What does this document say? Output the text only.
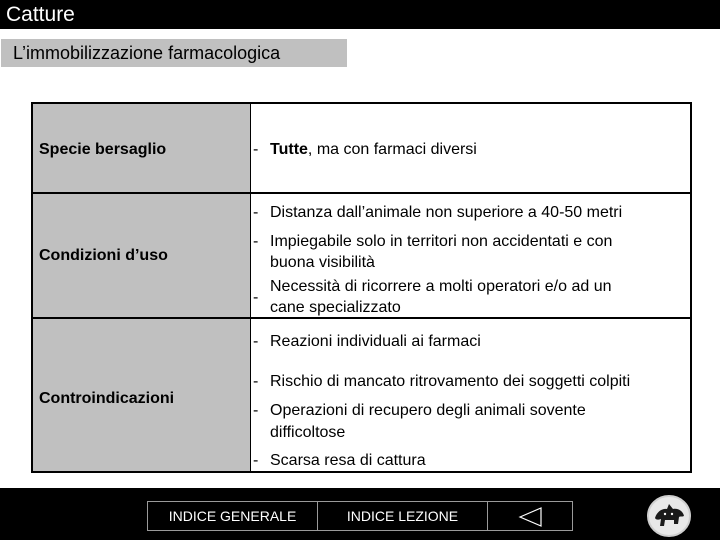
Catture
L’immobilizzazione farmacologica
Specie bersaglio	- Tutte, ma con farmaci diversi
Condizioni d’uso
- Distanza dall’animale non superiore a 40-50 metri
- Impiegabile solo in territori non accidentati e con
buona visibilità
-
Necessità di ricorrere a molti operatori e/o ad un
cane specializzato
Controindicazioni
- Reazioni individuali ai farmaci
- Rischio di mancato ritrovamento dei soggetti colpiti
- Operazioni di recupero degli animali sovente
difficoltose
- Scarsa resa di cattura
INDICE GENERALE	INDICE LEZIONE
